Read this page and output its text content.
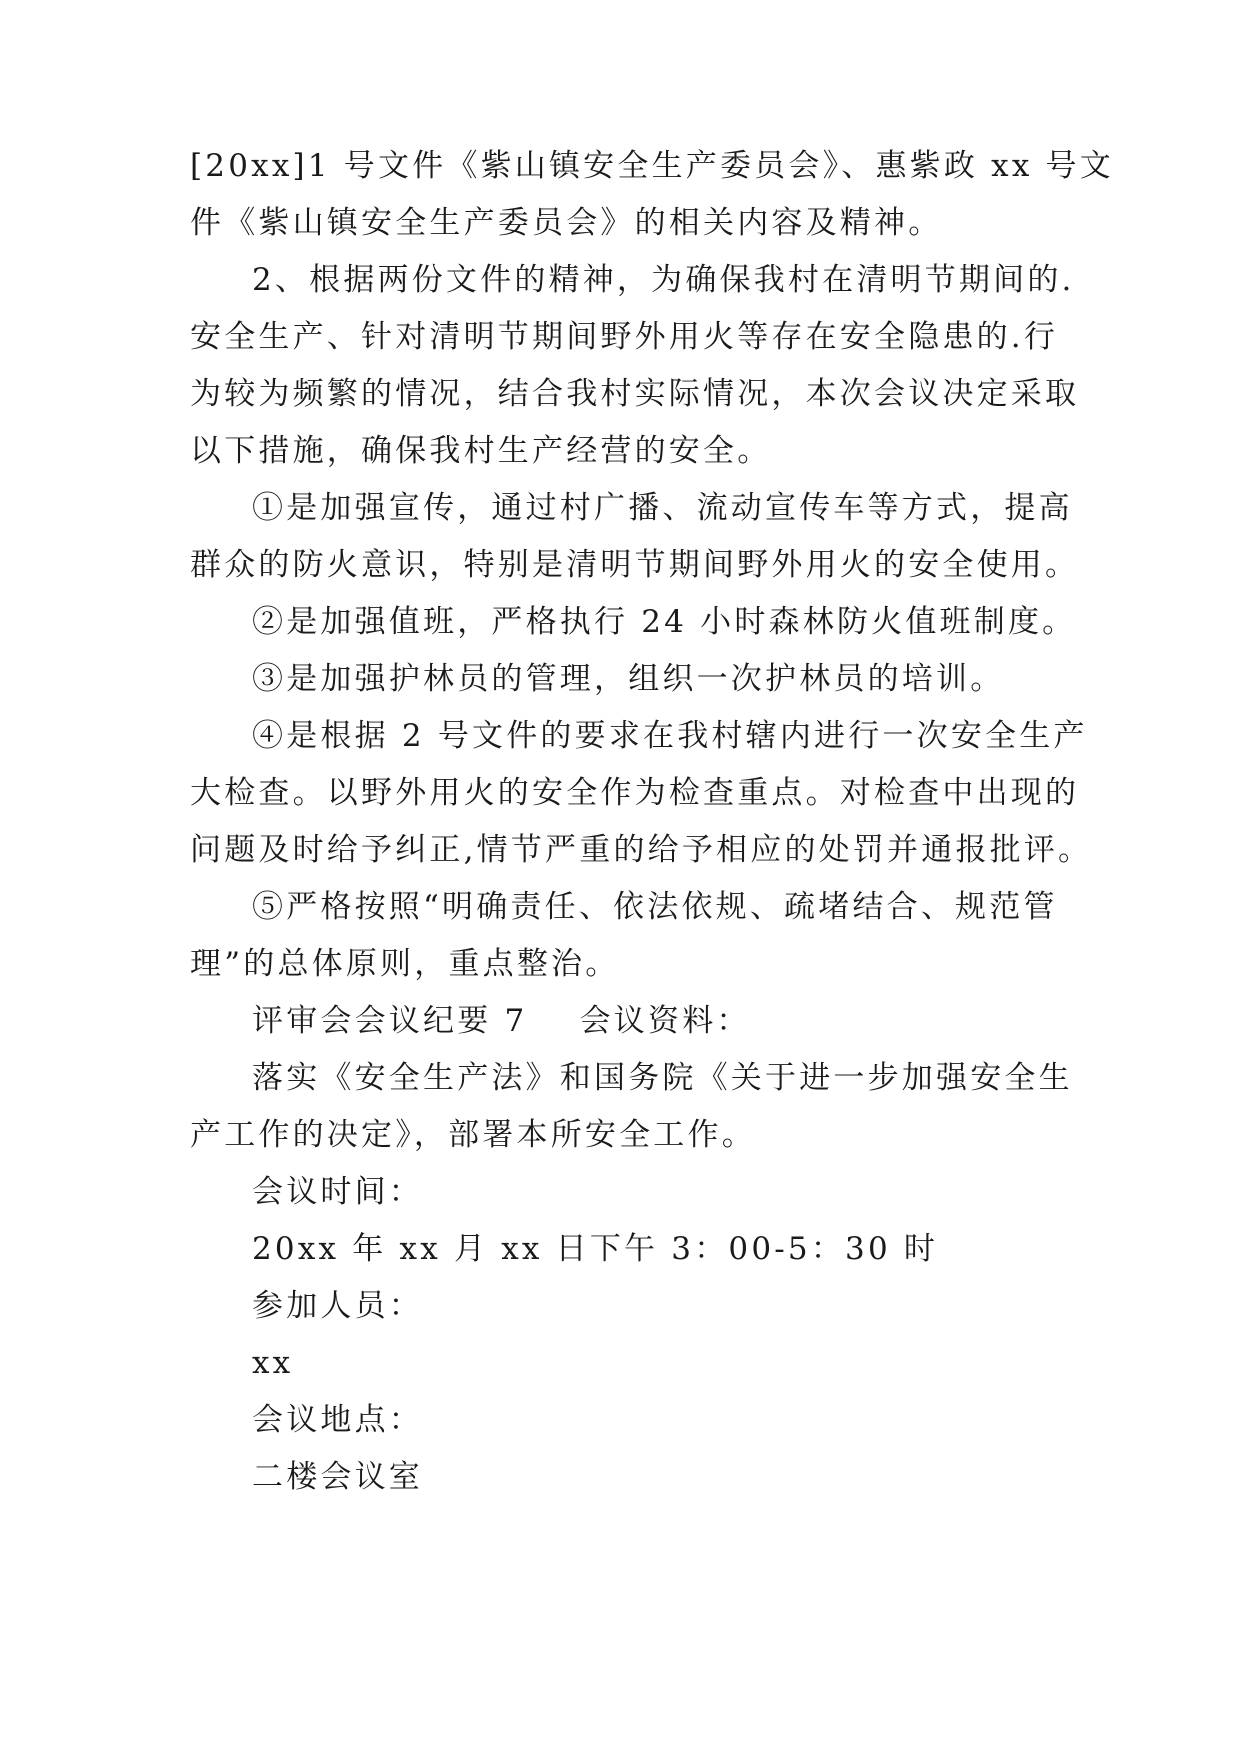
[20xx]1 号文件《紫山镇安全生产委员会》、惠紫政 xx 号文
件《紫山镇安全生产委员会》的相关内容及精神。
2、根据两份文件的精神，为确保我村在清明节期间的.
安全生产、针对清明节期间野外用火等存在安全隐患的.行
为较为频繁的情况，结合我村实际情况，本次会议决定采取
以下措施，确保我村生产经营的安全。
①是加强宣传，通过村广播、流动宣传车等方式，提高
群众的防火意识，特别是清明节期间野外用火的安全使用。
②是加强值班，严格执行 24 小时森林防火值班制度。
③是加强护林员的管理，组织一次护林员的培训。
④是根据 2 号文件的要求在我村辖内进行一次安全生产
大检查。以野外用火的安全作为检查重点。对检查中出现的
问题及时给予纠正,情节严重的给予相应的处罚并通报批评。
⑤严格按照“明确责任、依法依规、疏堵结合、规范管
理”的总体原则，重点整治。
评审会会议纪要 7    会议资料：
落实《安全生产法》和国务院《关于进一步加强安全生
产工作的决定》，部署本所安全工作。
会议时间：
20xx 年 xx 月 xx 日下午 3：00-5：30 时
参加人员：
xx
会议地点：
二楼会议室
